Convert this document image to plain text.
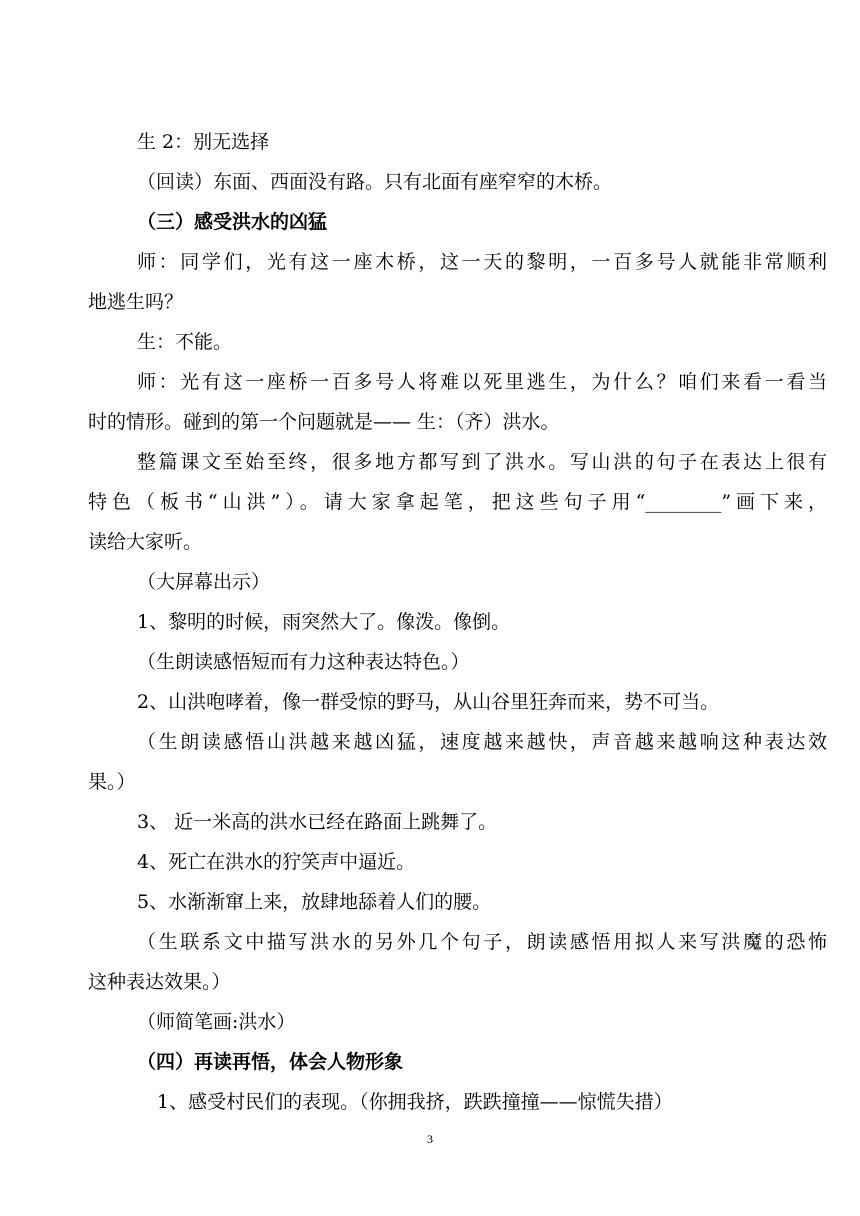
生 2：别无选择
（回读）东面、西面没有路。只有北面有座窄窄的木桥。
（三）感受洪水的凶猛
师：同学们，光有这一座木桥，这一天的黎明，一百多号人就能非常顺利
地逃生吗？
生：不能。
师：光有这一座桥一百多号人将难以死里逃生，为什么？咱们来看一看当
时的情形。碰到的第一个问题就是—— 生：（齐）洪水。
整篇课文至始至终，很多地方都写到了洪水。写山洪的句子在表达上很有
特色（板书“山洪”）。请大家拿起笔，把这些句子用“________”画下来，
读给大家听。
（大屏幕出示）
1、黎明的时候，雨突然大了。像泼。像倒。
（生朗读感悟短而有力这种表达特色。）
2、山洪咆哮着，像一群受惊的野马，从山谷里狂奔而来，势不可当。
（生朗读感悟山洪越来越凶猛，速度越来越快，声音越来越响这种表达效
果。）
3、 近一米高的洪水已经在路面上跳舞了。
4、死亡在洪水的狞笑声中逼近。
5、水渐渐窜上来，放肆地舔着人们的腰。
（生联系文中描写洪水的另外几个句子，朗读感悟用拟人来写洪魔的恐怖
这种表达效果。）
（师简笔画:洪水）
（四）再读再悟，体会人物形象
1、感受村民们的表现。（你拥我挤，跌跌撞撞——惊慌失措）
3
